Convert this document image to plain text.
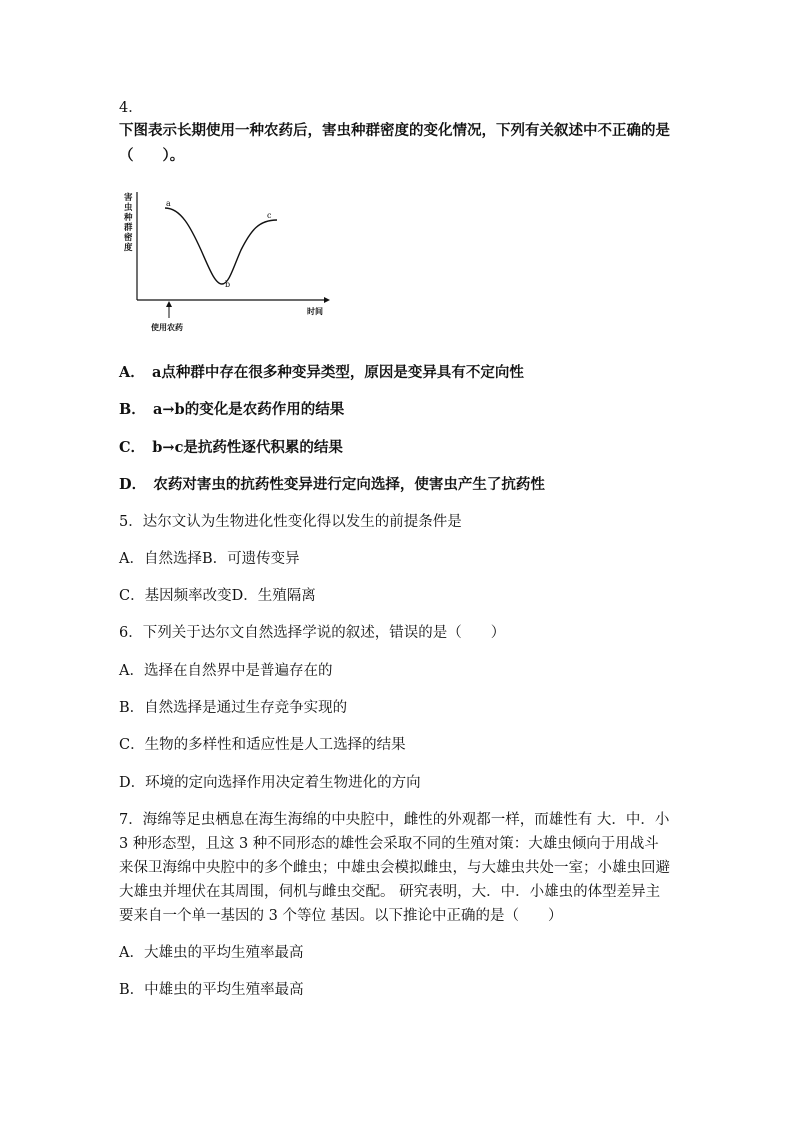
4．
下图表示长期使用一种农药后，害虫种群密度的变化情况，下列有关叙述中不正确的是
（　　）。
害虫种群密度
a
b
c
使用农药
时间
A．　a点种群中存在很多种变异类型，原因是变异具有不定向性
B．　a→b的变化是农药作用的结果
C．　b→c是抗药性逐代积累的结果
D．　农药对害虫的抗药性变异进行定向选择，使害虫产生了抗药性
5．达尔文认为生物进化性变化得以发生的前提条件是
A．自然选择B．可遗传变异
C．基因频率改变D．生殖隔离
6．下列关于达尔文自然选择学说的叙述，错误的是（　　）
A．选择在自然界中是普遍存在的
B．自然选择是通过生存竞争实现的
C．生物的多样性和适应性是人工选择的结果
D．环境的定向选择作用决定着生物进化的方向
7．海绵等足虫栖息在海生海绵的中央腔中，雌性的外观都一样，而雄性有 大．中．小
3 种形态型，且这 3 种不同形态的雄性会采取不同的生殖对策：大雄虫倾向于用战斗
来保卫海绵中央腔中的多个雌虫；中雄虫会模拟雌虫，与大雄虫共处一室；小雄虫回避
大雄虫并埋伏在其周围，伺机与雌虫交配。 研究表明，大．中．小雄虫的体型差异主
要来自一个单一基因的 3 个等位 基因。以下推论中正确的是（　　）
A．大雄虫的平均生殖率最高
B．中雄虫的平均生殖率最高
